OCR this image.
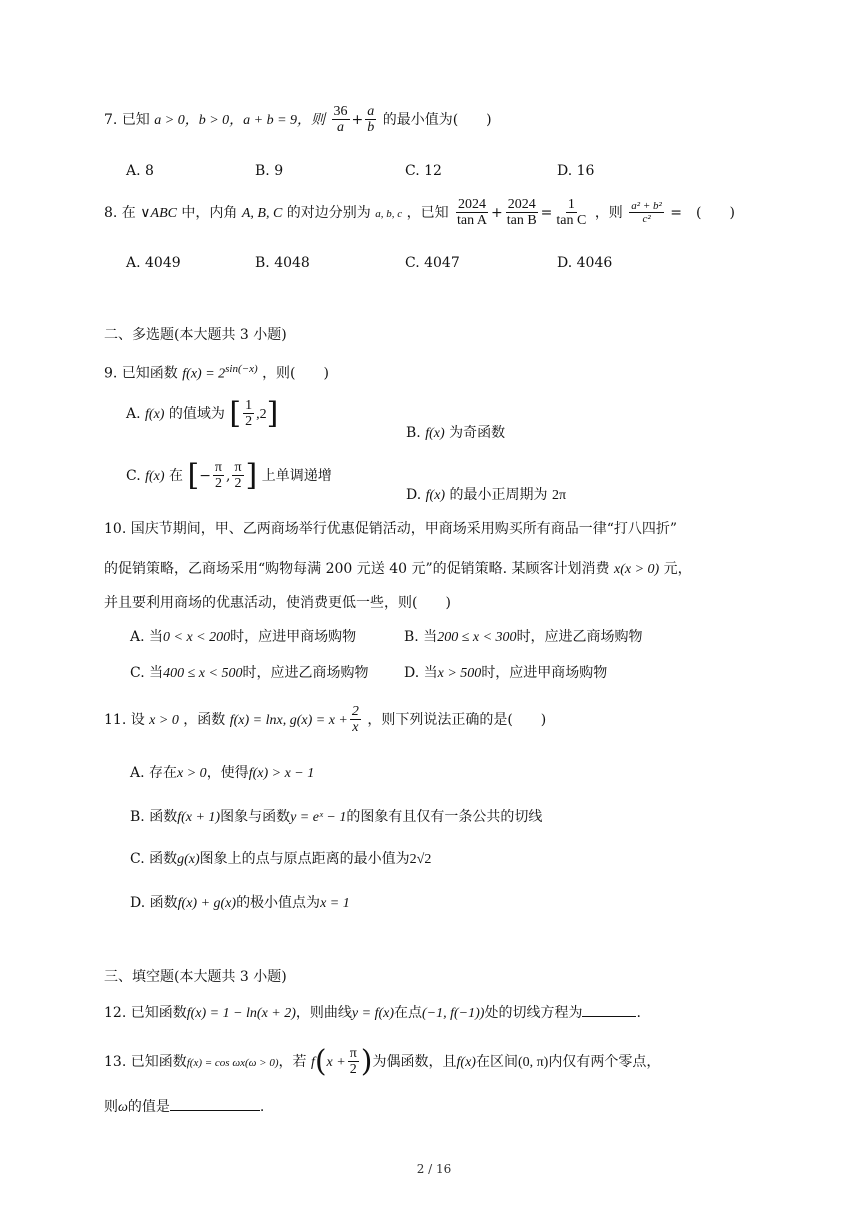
7. 已知 a > 0，b > 0，a + b = 9，则 $\frac{36}{a} + \frac{a}{b}$ 的最小值为(　　)
A. 8	B. 9	C. 12	D. 16
8. 在 ∨ABC 中，内角 A, B, C 的对边分别为 a, b, c ，已知 $\frac{2024}{\text{tan A}} + \frac{2024}{\text{tan B}} = \frac{1}{\text{tan C}}$ ，则 $\frac{\text{a² + b²}}{\text{c²}}$ =　(　　)
A. 4049	B. 4048	C. 4047	D. 4046
二、多选题(本大题共 3 小题)
9. 已知函数 $f(x) = 2^{sin(-x)}$ ，则(　　)
A. f(x) 的值域为 [ $\frac{1}{2} ,2$]
B. f(x) 为奇函数
C. f(x) 在 [− $\frac{\pi}{2}$ , $\frac{\pi}{2}$ ] 上单调递增
D. f(x) 的最小正周期为 2π
10. 国庆节期间，甲、乙两商场举行优惠促销活动，甲商场采用购买所有商品一律“打八四折”
的促销策略，乙商场采用“购物每满 200 元送 40 元”的促销策略. 某顾客计划消费 x(x > 0) 元，
并且要利用商场的优惠活动，使消费更低一些，则(　　)
A. 当0 < x < 200时，应进甲商场购物	B. 当200 ≤ x < 300时，应进乙商场购物
C. 当400 ≤ x < 500时，应进乙商场购物	D. 当x > 500时，应进甲商场购物
11. 设 x > 0 ，函数 f(x) = lnx, $g(x) = x + \frac{2}{x}$ ，则下列说法正确的是(　　)
A. 存在x > 0，使得f(x) > x − 1
B. 函数f(x + 1)图象与函数y = eˣ − 1的图象有且仅有一条公共的切线
C. 函数g(x)图象上的点与原点距离的最小值为2√2
D. 函数f(x) + g(x)的极小值点为x = 1
三、填空题(本大题共 3 小题)
12. 已知函数f(x) = 1 − ln(x + 2)，则曲线y = f(x)在点(−1, f(−1))处的切线方程为	.
13. 已知函数f(x) = cos ωx(ω > 0)，若 $f(x + \frac{\pi}{2}$ )为偶函数，且f(x)在区间(0, π)内仅有两个零点，
则ω的值是	.
2 / 16
